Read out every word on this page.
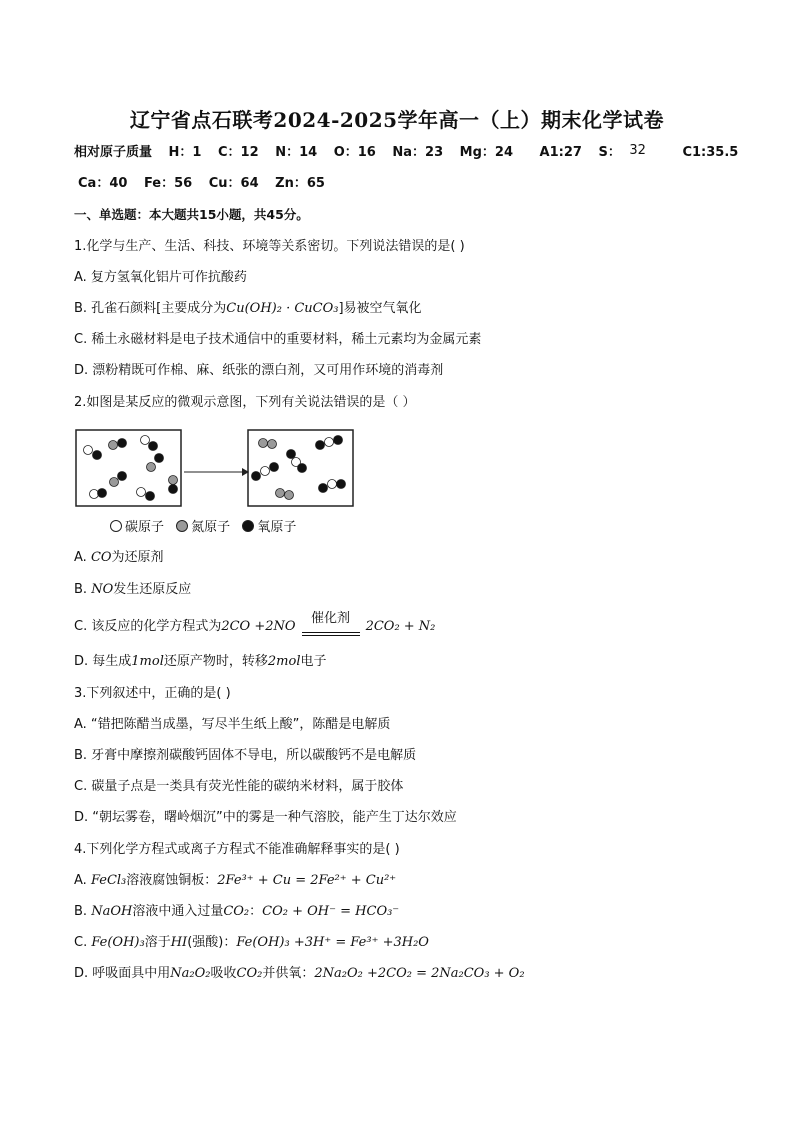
辽宁省点石联考2024-2025学年高一（上）期末化学试卷
相对原子质量 H：1 C：12 N：14 O：16 Na：23 Mg：24 A1:27 S： 32	C1:35.5
Ca：40 Fe：56 Cu：64 Zn：65
一、单选题：本大题共15小题，共45分。
1.化学与生产、生活、科技、环境等关系密切。下列说法错误的是( )
A. 复方氢氧化铝片可作抗酸药
B. 孔雀石颜料[主要成分为Cu(OH)₂ · CuCO₃]易被空气氧化
C. 稀土永磁材料是电子技术通信中的重要材料，稀土元素均为金属元素
D. 漂粉精既可作棉、麻、纸张的漂白剂，又可用作环境的消毒剂
2.如图是某反应的微观示意图，下列有关说法错误的是（ ）
碳原子 氮原子 氧原子
A. CO为还原剂
B. NO发生还原反应
C. 该反应的化学方程式为2CO +2NO
催化剂
2CO₂ + N₂
D. 每生成1mol还原产物时，转移2mol电子
3.下列叙述中，正确的是( )
A. “错把陈醋当成墨，写尽半生纸上酸”，陈醋是电解质
B. 牙膏中摩擦剂碳酸钙固体不导电，所以碳酸钙不是电解质
C. 碳量子点是一类具有荧光性能的碳纳米材料，属于胶体
D. “朝坛雾卷，曙岭烟沉”中的雾是一种气溶胶，能产生丁达尔效应
4.下列化学方程式或离子方程式不能准确解释事实的是( )
A. FeCl₃溶液腐蚀铜板：2Fe³⁺ + Cu = 2Fe²⁺ + Cu²⁺
B. NaOH溶液中通入过量CO₂：CO₂ + OH⁻ = HCO₃⁻
C. Fe(OH)₃溶于HI(强酸)：Fe(OH)₃ +3H⁺ = Fe³⁺ +3H₂O
D. 呼吸面具中用Na₂O₂吸收CO₂并供氧：2Na₂O₂ +2CO₂ = 2Na₂CO₃ + O₂
